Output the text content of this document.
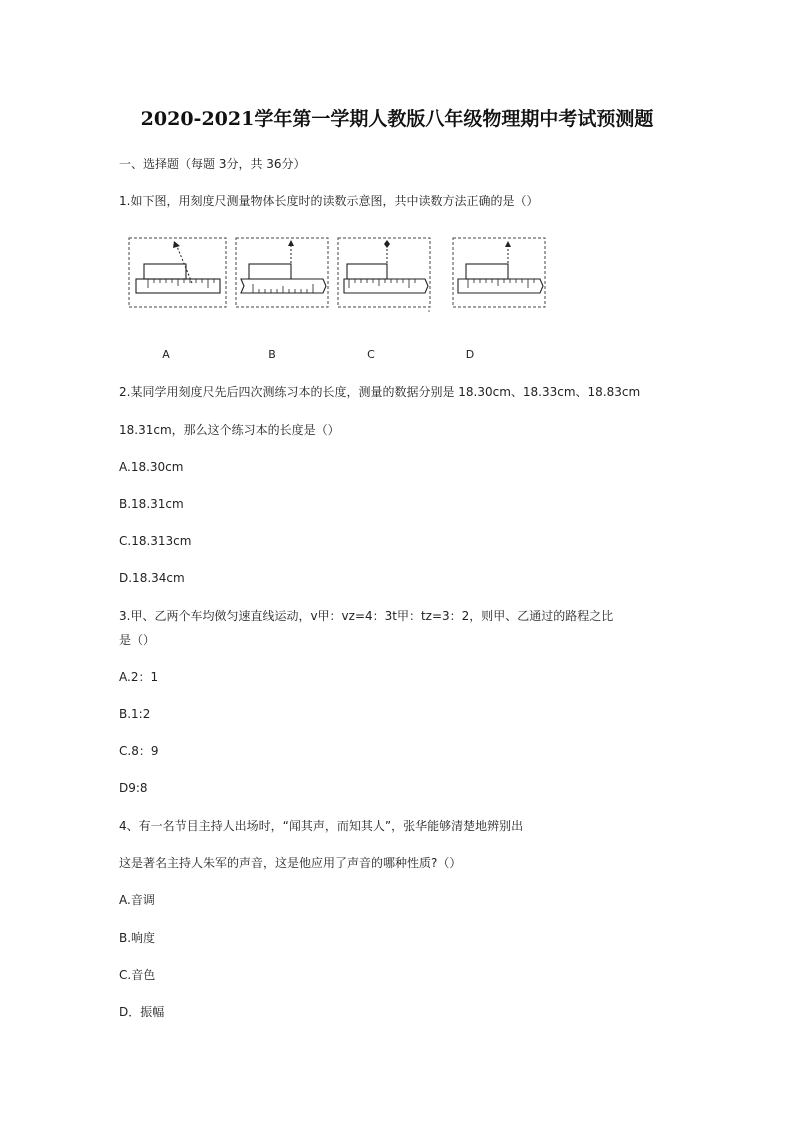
2020-2021学年第一学期人教版八年级物理期中考试预测题
一、选择题（每题 3分，共 36分）
1.如下图，用刻度尺测量物体长度时的读数示意图，共中读数方法正确的是（）
A	B	C	D
2.某同学用刻度尺先后四次测练习本的长度，测量的数据分别是 18.30cm、18.33cm、18.83cm
18.31cm，那么这个练习本的长度是（）
A.18.30cm
B.18.31cm
C.18.313cm
D.18.34cm
3.甲、乙两个车均傚匀速直线运动，v甲：vz=4：3t甲：tz=3：2，则甲、乙通过的路程之比
是（）
A.2：1
B.1:2
C.8：9
D9:8
4、有一名节目主持人出场时，“闻其声，而知其人”，张华能够清楚地辨别出
这是著名主持人朱军的声音，这是他应用了声音的哪种性质?（）
A.音调
B.响度
C.音色
D．振幅
